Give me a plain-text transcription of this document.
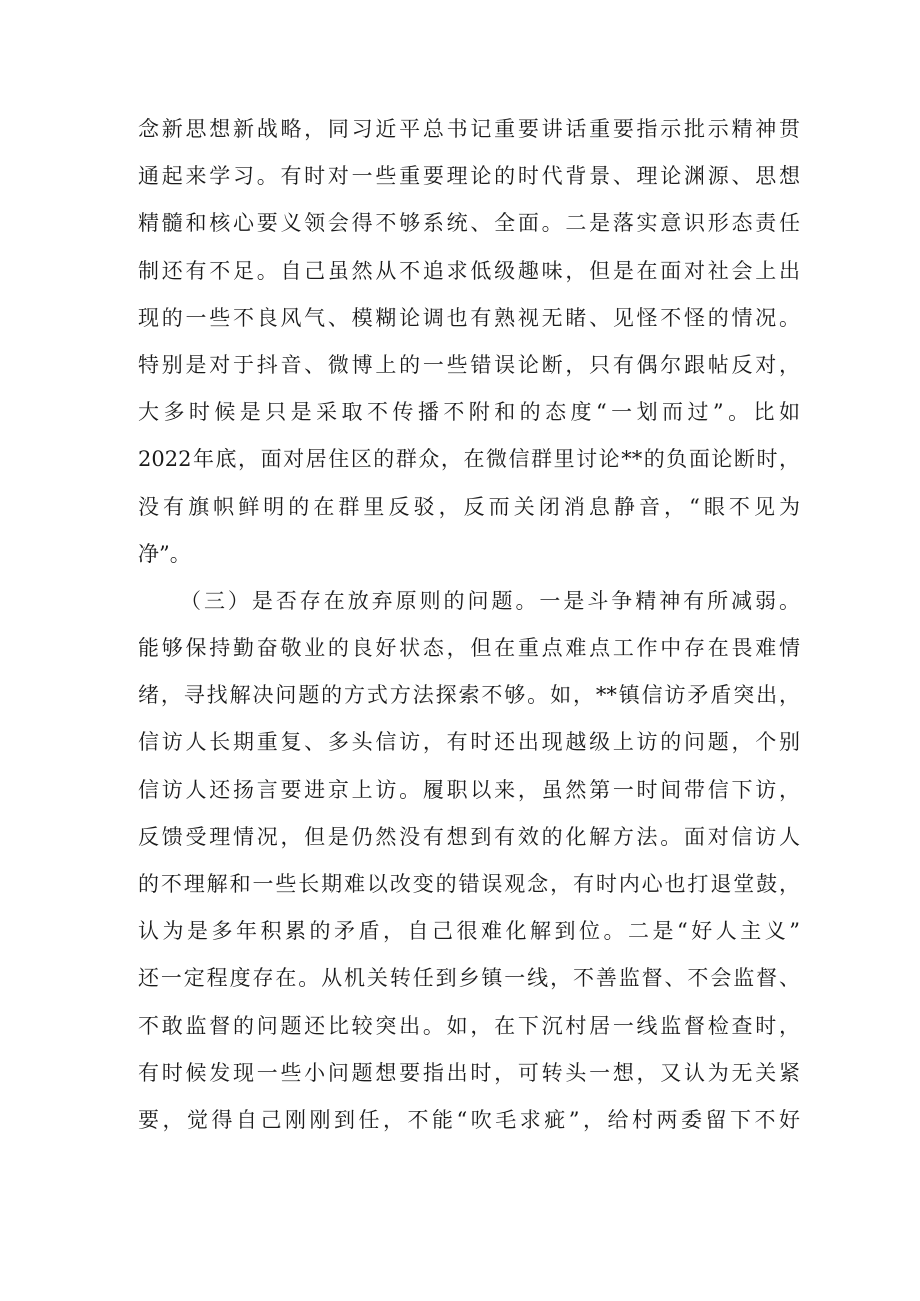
念新思想新战略，同习近平总书记重要讲话重要指示批示精神贯
通起来学习。有时对一些重要理论的时代背景、理论渊源、思想
精髓和核心要义领会得不够系统、全面。二是落实意识形态责任
制还有不足。自己虽然从不追求低级趣味，但是在面对社会上出
现的一些不良风气、模糊论调也有熟视无睹、见怪不怪的情况。
特别是对于抖音、微博上的一些错误论断，只有偶尔跟帖反对，
大多时候是只是采取不传播不附和的态度“一划而过”。比如
2022年底，面对居住区的群众，在微信群里讨论**的负面论断时，
没有旗帜鲜明的在群里反驳，反而关闭消息静音，“眼不见为
净”。
（三）是否存在放弃原则的问题。一是斗争精神有所减弱。
能够保持勤奋敬业的良好状态，但在重点难点工作中存在畏难情
绪，寻找解决问题的方式方法探索不够。如，**镇信访矛盾突出，
信访人长期重复、多头信访，有时还出现越级上访的问题，个别
信访人还扬言要进京上访。履职以来，虽然第一时间带信下访，
反馈受理情况，但是仍然没有想到有效的化解方法。面对信访人
的不理解和一些长期难以改变的错误观念，有时内心也打退堂鼓，
认为是多年积累的矛盾，自己很难化解到位。二是“好人主义”
还一定程度存在。从机关转任到乡镇一线，不善监督、不会监督、
不敢监督的问题还比较突出。如，在下沉村居一线监督检查时，
有时候发现一些小问题想要指出时，可转头一想，又认为无关紧
要，觉得自己刚刚到任，不能“吹毛求疵”，给村两委留下不好
